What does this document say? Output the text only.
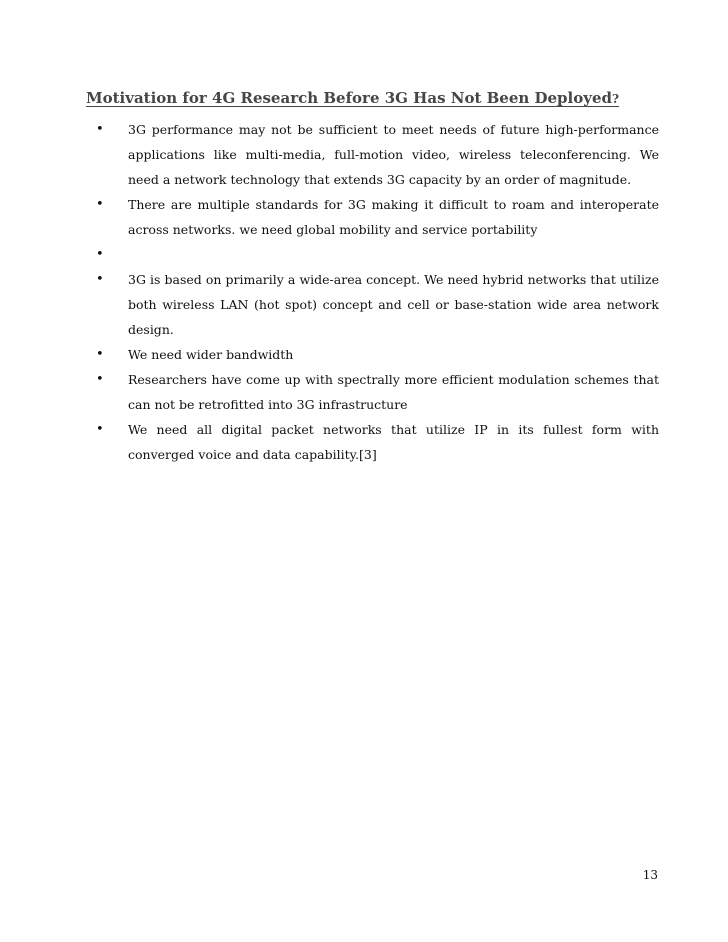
Motivation for 4G Research Before 3G Has Not Been Deployed?
• 3G performance may not be sufficient to meet needs of future high-performance applications like multi-media, full-motion video, wireless teleconferencing. We need a network technology that extends 3G capacity by an order of magnitude.
• There are multiple standards for 3G making it difficult to roam and interoperate across networks. we need global mobility and service portability
•
• 3G is based on primarily a wide-area concept. We need hybrid networks that utilize both wireless LAN (hot spot) concept and cell or base-station wide area network design.
• We need wider bandwidth
• Researchers have come up with spectrally more efficient modulation schemes that can not be retrofitted into 3G infrastructure
• We need all digital packet networks that utilize IP in its fullest form with converged voice and data capability.[3]
13
